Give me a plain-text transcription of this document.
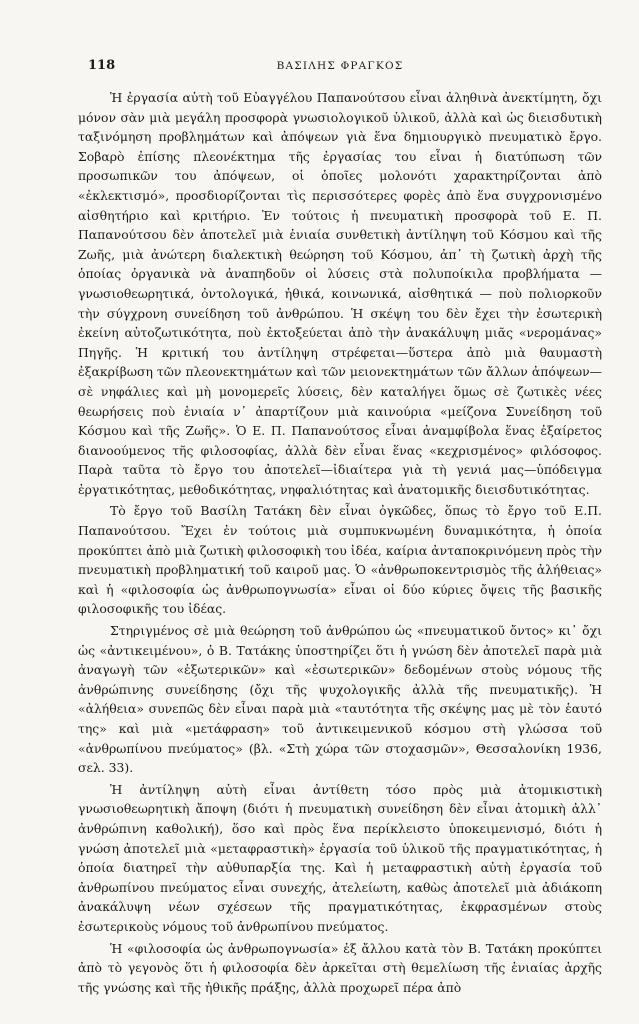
118	ΒΑΣΙΛΗΣ ΦΡΑΓΚΟΣ

Ἡ ἐργασία αὐτὴ τοῦ Εὐαγγέλου Παπανoύτσου εἶναι ἀληθινὰ ἀνεκτίμητη, ὄχι μόνον σὰν μιὰ μεγάλη προσφορὰ γνωσιολογικοῦ ὑλικοῦ, ἀλλὰ καὶ ὡς διεισδυτικὴ ταξινόμηση προβλημάτων καὶ ἀπόψεων γιὰ ἕνα δημιουργικὸ πνευματικὸ ἔργο. Σοβαρὸ ἐπίσης πλεονέκτημα τῆς ἐργασίας του εἶναι ἡ διατύπωση τῶν προσωπικῶν του ἀπόψεων, οἱ ὁποῖες μολονότι χαρακτηρίζονται ἀπὸ «ἐκλεκτισμό», προσδιορίζονται τὶς περισσότερες φορὲς ἀπὸ ἕνα συγχρονισμένο αἰσθητήριο καὶ κριτήριο. Ἐν τούτοις ἡ πνευματικὴ προσφορὰ τοῦ Ε. Π. Παπανoύτσου δὲν ἀποτελεῖ μιὰ ἑνιαία συνθετικὴ ἀντίληψη τοῦ Κόσμου καὶ τῆς Ζωῆς, μιὰ ἀνώτερη διαλεκτικὴ θεώρηση τοῦ Κόσμου, ἀπ᾿ τὴ ζωτικὴ ἀρχὴ τῆς ὁποίας ὀργανικὰ νὰ ἀναπηδοῦν οἱ λύσεις στὰ πολυποίκιλα προβλήματα — γνωσιοθεωρητικά, ὀντολογικά, ἠθικά, κοινωνικά, αἰσθητικά — ποὺ πολιορκοῦν τὴν σύγχρονη συνείδηση τοῦ ἀνθρώπου. Ἡ σκέψη του δὲν ἔχει τὴν ἐσωτερικὴ ἐκείνη αὐτοζωτικότητα, ποὺ ἐκτοξεύεται ἀπὸ τὴν ἀνακάλυψη μιᾶς «νερομάνας» Πηγῆς. Ἡ κριτική του ἀντίληψη στρέφεται—ὕστερα ἀπὸ μιὰ θαυμαστὴ ἐξακρίβωση τῶν πλεονεκτημάτων καὶ τῶν μειονεκτημάτων τῶν ἄλλων ἀπόψεων— σὲ νηφάλιες καὶ μὴ μονομερεῖς λύσεις, δὲν καταλήγει ὅμως σὲ ζωτικὲς νέες θεωρήσεις ποὺ ἑνιαία ν᾿ ἀπαρτίζουν μιὰ καινούρια «μείζονα Συνείδηση τοῦ Κόσμου καὶ τῆς Ζωῆς». Ὁ Ε. Π. Παπανoύτσος εἶναι ἀναμφίβολα ἕνας ἐξαίρετος διανοούμενος τῆς φιλοσοφίας, ἀλλὰ δὲν εἶναι ἕνας «κεχρισμένος» φιλόσοφος. Παρὰ ταῦτα τὸ ἔργο του ἀποτελεῖ—ἰδιαίτερα γιὰ τὴ γενιά μας—ὑπόδειγμα ἐργατικότητας, μεθοδικότητας, νηφαλιότητας καὶ ἀνατομικῆς διεισδυτικότητας.

Τὸ ἔργο τοῦ Βασίλη Τατάκη δὲν εἶναι ὀγκῶδες, ὅπως τὸ ἔργο τοῦ Ε.Π. Παπανoύτσου. Ἔχει ἐν τούτοις μιὰ συμπυκνωμένη δυναμικότητα, ἡ ὁποία προκύπτει ἀπὸ μιὰ ζωτικὴ φιλοσοφικὴ του ἰδέα, καίρια ἀνταποκρινόμενη πρὸς τὴν πνευματικὴ προβληματική τοῦ καιροῦ μας. Ὁ «ἀνθρωποκεντρισμὸς τῆς ἀλήθειας» καὶ ἡ «φιλοσοφία ὡς ἀνθρωπογνωσία» εἶναι οἱ δύο κύριες ὄψεις τῆς βασικῆς φιλοσοφικῆς του ἰδέας.

Στηριγμένος σὲ μιὰ θεώρηση τοῦ ἀνθρώπου ὡς «πνευματικοῦ ὄντος» κι᾿ ὄχι ὡς «ἀντικειμένου», ὁ Β. Τατάκης ὑποστηρίζει ὅτι ἡ γνώση δὲν ἀποτελεῖ παρὰ μιὰ ἀναγωγὴ τῶν «ἐξωτερικῶν» καὶ «ἐσωτερικῶν» δεδομένων στοὺς νόμους τῆς ἀνθρώπινης συνείδησης (ὄχι τῆς ψυχολογικῆς ἀλλὰ τῆς πνευματικῆς). Ἡ «ἀλήθεια» συνεπῶς δὲν εἶναι παρὰ μιὰ «ταυτότητα τῆς σκέψης μας μὲ τὸν ἑαυτό της» καὶ μιὰ «μετάφραση» τοῦ ἀντικειμενικοῦ κόσμου στὴ γλώσσα τοῦ «ἀνθρωπίνου πνεύματος» (βλ. «Στὴ χώρα τῶν στοχασμῶν», Θεσσαλονίκη 1936, σελ. 33).

Ἡ ἀντίληψη αὐτὴ εἶναι ἀντίθετη τόσο πρὸς μιὰ ἀτομικιστικὴ γνωσιοθεωρητικὴ ἄποψη (διότι ἡ πνευματικὴ συνείδηση δὲν εἶναι ἀτομικὴ ἀλλ᾿ ἀνθρώπινη καθολική), ὅσο καὶ πρὸς ἕνα περίκλειστο ὑποκειμενισμό, διότι ἡ γνώση ἀποτελεῖ μιὰ «μεταφραστικὴ» ἐργασία τοῦ ὑλικοῦ τῆς πραγματικότητας, ἡ ὁποία διατηρεῖ τὴν αὐθυπαρξία της. Καὶ ἡ μεταφραστικὴ αὐτὴ ἐργασία τοῦ ἀνθρωπίνου πνεύματος εἶναι συνεχής, ἀτελείωτη, καθὼς ἀποτελεῖ μιὰ ἀδιάκοπη ἀνακάλυψη νέων σχέσεων τῆς πραγματικότητας, ἐκφρασμένων στοὺς ἐσωτερικοὺς νόμους τοῦ ἀνθρωπίνου πνεύματος.

Ἡ «φιλοσοφία ὡς ἀνθρωπογνωσία» ἐξ ἄλλου κατὰ τὸν Β. Τατάκη προκύπτει ἀπὸ τὸ γεγονὸς ὅτι ἡ φιλοσοφία δὲν ἀρκεῖται στὴ θεμελίωση τῆς ἑνιαίας ἀρχῆς τῆς γνώσης καὶ τῆς ἠθικῆς πράξης, ἀλλὰ προχωρεῖ πέρα ἀπὸ
